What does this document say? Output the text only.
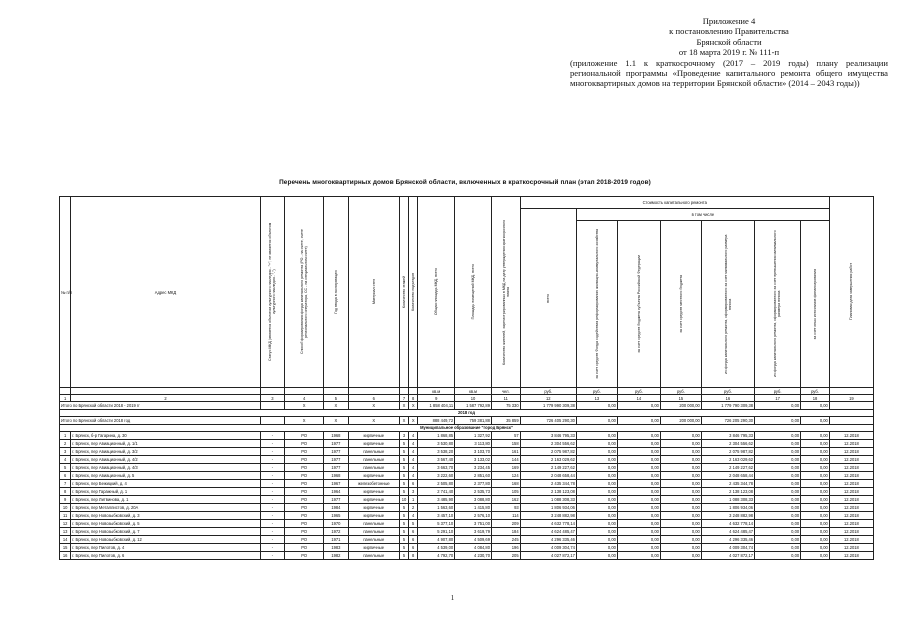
Приложение 4
к постановлению Правительства
Брянской области
от 18 марта 2019 г. № 111-п
(приложение 1.1 к краткосрочному (2017 – 2019 годы) плану реализации региональной программы «Проведение капитального ремонта общего имущества многоквартирных домов на территории Брянской области» (2014 – 2043 годы))
Перечень многоквартирных домов Брянской области, включенных в краткосрочный план (этап 2018-2019 годов)
№ п/п	Адрес МКД	Статус МКД (является объектом культурного наследия - "+", не является объектом культурного наследия - "-")	Способ формирования фонда капитального ремонта (РО - на счете, счете регионального оператора, СС - на специальном счете)	Год ввода в эксплуатацию	Материал стен	Количество этажей	Количество подъездов	Общая площадь МКД, всего	Площадь помещений МКД, всего	Количество жителей, зарегистрированных в МКД на дату утверждения краткосрочного плана	Стоимость капитального ремонта							Плановая дата завершения работ

											всего	в том числе						

												за счет средств Фонда содействия реформированию жилищно-коммунального хозяйства	за счет средств бюджета субъекта Российской Федерации	за счет средств местного бюджета	из фонда капитального ремонта, сформированного за счет минимального размера взноса	из фонда капитального ремонта, сформированного за счет превышения минимального размера взноса	за счет иных источников финансирования	

								кв.м	кв.м	чел.	руб.	руб.	руб.	руб.	руб.	руб.	руб.	
1	2	3	4	5	6	7	8	9	10	11	12	13	14	15	16	17	18	19
Итого по Брянской области 2018 - 2019 гг			X	X	X	X	X	1 858 404,11	1 587 792,89	75 330	1 779 990 309,38	0,00	0,00	200 000,00	1 779 790 309,38	0,00	0,00	
2018 год																		
Итого по Брянской области 2018 год			X	X	X	X	X	888 449,72	759 381,88	35 859	726 405 290,30	0,00	0,00	200 000,00	726 205 290,30	0,00	0,00	
Муниципальное образование "город Брянск"																		
1	г. Брянск, б-р Гагарина, д. 30	-	РО	1968	кирпичные	3	4	1 868,85	1 327,92	57	3 846 795,33	0,00	0,00	0,00	3 846 795,33	0,00	0,00	12.2018
2	г. Брянск, пер Авиационный, д. 1/1	-	РО	1977	кирпичные	5	4	3 530,80	3 113,80	158	2 304 556,62	0,00	0,00	0,00	2 304 556,62	0,00	0,00	12.2018
3	г. Брянск, пер Авиационный, д. 3/2	-	РО	1977	панельные	5	4	3 538,20	3 103,70	161	2 075 987,82	0,00	0,00	0,00	2 075 987,82	0,00	0,00	12.2018
4	г. Брянск, пер Авиационный, д. 4/2	-	РО	1977	панельные	5	4	3 567,40	3 133,02	144	2 163 029,62	0,00	0,00	0,00	2 163 029,62	0,00	0,00	12.2018
5	г. Брянск, пер Авиационный, д. 4/3	-	РО	1977	панельные	5	4	3 663,70	3 234,45	169	2 149 227,62	0,00	0,00	0,00	2 149 227,62	0,00	0,00	12.2018
6	г. Брянск, пер Авиационный, д. 5	-	РО	1968	кирпичные	5	4	3 222,60	2 851,60	124	2 048 658,44	0,00	0,00	0,00	2 048 658,44	0,00	0,00	12.2018
7	г. Брянск, пер Бежицкий, д. 4	-	РО	1967	железобетонные	5	6	2 505,80	2 377,80	168	2 435 344,78	0,00	0,00	0,00	2 435 344,78	0,00	0,00	12.2018
8	г. Брянск, пер Гаражный, д. 1	-	РО	1964	кирпичные	5	3	2 741,40	2 535,73	105	2 138 123,08	0,00	0,00	0,00	2 138 123,08	0,00	0,00	12.2018
9	г. Брянск, пер Литвинова, д. 1	-	РО	1977	кирпичные	10	1	3 485,90	3 088,80	162	1 088 308,33	0,00	0,00	0,00	1 088 308,33	0,00	0,00	12.2018
10	г. Брянск, пер Металлистов, д. 20А	-	РО	1984	кирпичные	5	2	1 563,60	1 415,80	93	1 806 934,06	0,00	0,00	0,00	1 806 934,06	0,00	0,00	12.2018
11	г. Брянск, пер Новозыбковский, д. 3	-	РО	1965	кирпичные	5	4	3 457,10	2 576,10	114	3 248 882,98	0,00	0,00	0,00	3 248 882,98	0,00	0,00	12.2018
12	г. Брянск, пер Новозыбковский, д. 5	-	РО	1970	панельные	5	5	5 377,10	3 751,00	209	4 632 778,14	0,00	0,00	0,00	4 632 778,14	0,00	0,00	12.2018
13	г. Брянск, пер Новозыбковский, д. 7	-	РО	1972	панельные	5	6	5 291,10	3 619,79	184	4 624 485,47	0,00	0,00	0,00	4 624 485,47	0,00	0,00	12.2018
14	г. Брянск, пер Новозыбковский, д. 12	-	РО	1971	панельные	5	6	4 907,80	4 509,69	245	4 296 335,46	0,00	0,00	0,00	4 296 335,46	0,00	0,00	12.2018
15	г. Брянск, пер Пилотов, д. 4	-	РО	1983	кирпичные	5	6	4 539,00	4 084,80	196	4 009 304,74	0,00	0,00	0,00	4 009 304,74	0,00	0,00	12.2018
16	г. Брянск, пер Пилотов, д. 6	-	РО	1982	панельные	5	8	4 792,70	4 230,70	205	4 027 872,17	0,00	0,00	0,00	4 027 872,17	0,00	0,00	12.2018
1
